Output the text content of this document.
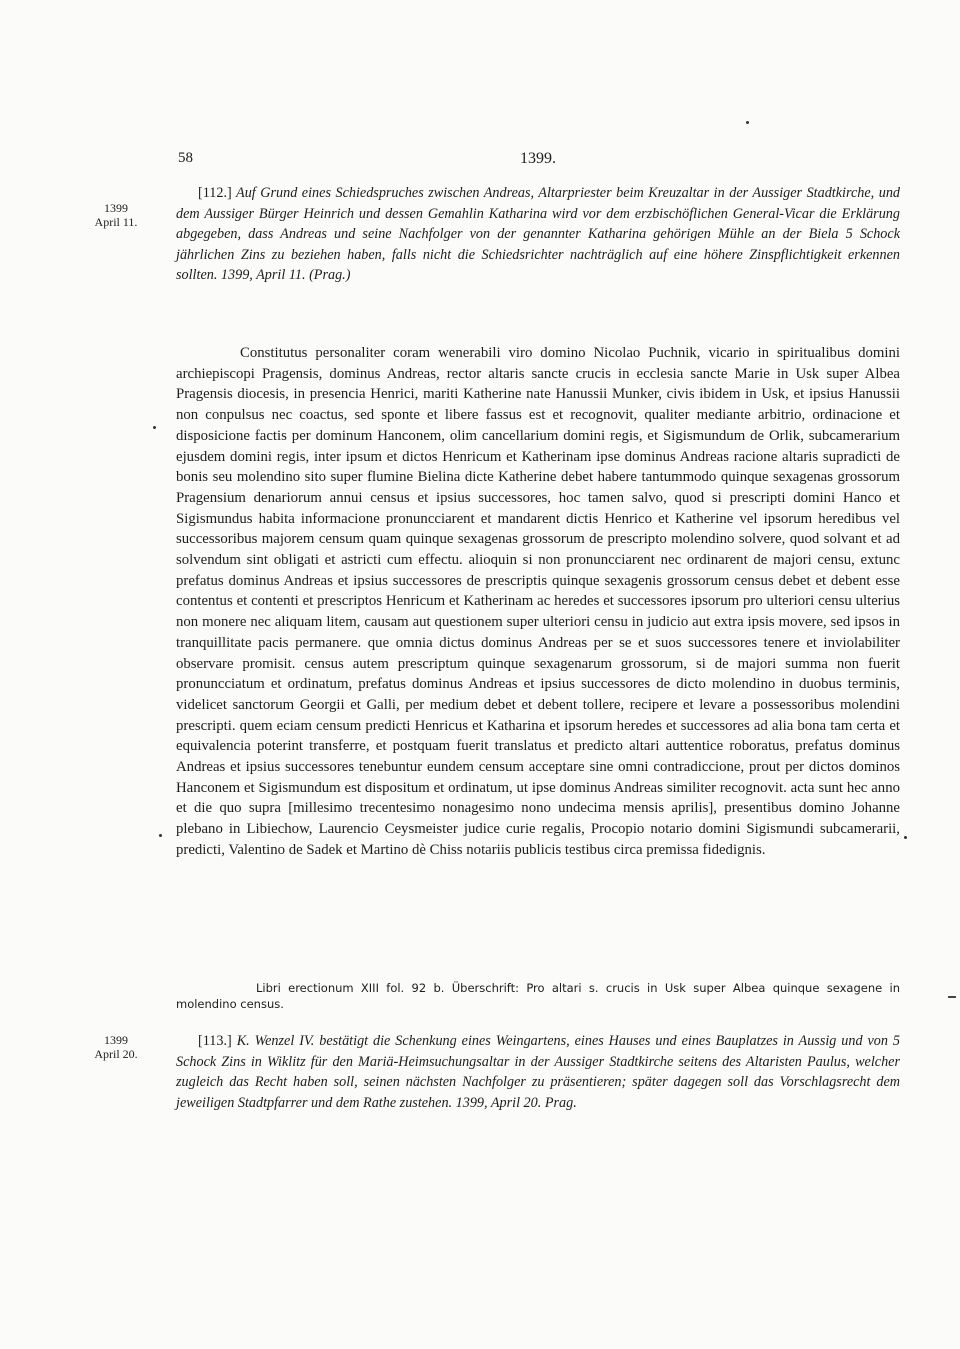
58	1399.
1399
April 11.
[112.] Auf Grund eines Schiedspruches zwischen Andreas, Altarpriester beim Kreuzaltar in der Aussiger Stadtkirche, und dem Aussiger Bürger Heinrich und dessen Gemahlin Katharina wird vor dem erzbischöflichen General-Vicar die Erklärung abgegeben, dass Andreas und seine Nachfolger von der genannter Katharina gehörigen Mühle an der Biela 5 Schock jährlichen Zins zu beziehen haben, falls nicht die Schiedsrichter nachträglich auf eine höhere Zinspflichtigkeit erkennen sollten. 1399, April 11. (Prag.)
Constitutus personaliter coram wenerabili viro domino Nicolao Puchnik, vicario in spiritualibus domini archiepiscopi Pragensis, dominus Andreas, rector altaris sancte crucis in ecclesia sancte Marie in Usk super Albea Pragensis diocesis, in presencia Henrici, mariti Katherine nate Hanussii Munker, civis ibidem in Usk, et ipsius Hanussii non conpulsus nec coactus, sed sponte et libere fassus est et recognovit, qualiter mediante arbitrio, ordinacione et disposicione factis per dominum Hanconem, olim cancellarium domini regis, et Sigismundum de Orlik, subcamerarium ejusdem domini regis, inter ipsum et dictos Henricum et Katherinam ipse dominus Andreas racione altaris supradicti de bonis seu molendino sito super flumine Bielina dicte Katherine debet habere tantummodo quinque sexagenas grossorum Pragensium denariorum annui census et ipsius successores, hoc tamen salvo, quod si prescripti domini Hanco et Sigismundus habita informacione pronuncciarent et mandarent dictis Henrico et Katherine vel ipsorum heredibus vel successoribus majorem censum quam quinque sexagenas grossorum de prescripto molendino solvere, quod solvant et ad solvendum sint obligati et astricti cum effectu. alioquin si non pronuncciarent nec ordinarent de majori censu, extunc prefatus dominus Andreas et ipsius successores de prescriptis quinque sexagenis grossorum census debet et debent esse contentus et contenti et prescriptos Henricum et Katherinam ac heredes et successores ipsorum pro ulteriori censu ulterius non monere nec aliquam litem, causam aut questionem super ulteriori censu in judicio aut extra ipsis movere, sed ipsos in tranquillitate pacis permanere. que omnia dictus dominus Andreas per se et suos successores tenere et inviolabiliter observare promisit. census autem prescriptum quinque sexagenarum grossorum, si de majori summa non fuerit pronuncciatum et ordinatum, prefatus dominus Andreas et ipsius successores de dicto molendino in duobus terminis, videlicet sanctorum Georgii et Galli, per medium debet et debent tollere, recipere et levare a possessoribus molendini prescripti. quem eciam censum predicti Henricus et Katharina et ipsorum heredes et successores ad alia bona tam certa et equivalencia poterint transferre, et postquam fuerit translatus et predicto altari auttentice roboratus, prefatus dominus Andreas et ipsius successores tenebuntur eundem censum acceptare sine omni contradiccione, prout per dictos dominos Hanconem et Sigismundum est dispositum et ordinatum, ut ipse dominus Andreas similiter recognovit. acta sunt hec anno et die quo supra [millesimo trecentesimo nonagesimo nono undecima mensis aprilis], presentibus domino Johanne plebano in Libiechow, Laurencio Ceysmeister judice curie regalis, Procopio notario domini Sigismundi subcamerarii, predicti, Valentino de Sadek et Martino dè Chiss notariis publicis testibus circa premissa fidedignis.
Libri erectionum XIII fol. 92 b. Überschrift: Pro altari s. crucis in Usk super Albea quinque sexagene in molendino census.
1399
April 20.
[113.] K. Wenzel IV. bestätigt die Schenkung eines Weingartens, eines Hauses und eines Bauplatzes in Aussig und von 5 Schock Zins in Wiklitz für den Mariä-Heimsuchungsaltar in der Aussiger Stadtkirche seitens des Altaristen Paulus, welcher zugleich das Recht haben soll, seinen nächsten Nachfolger zu präsentieren; später dagegen soll das Vorschlagsrecht dem jeweiligen Stadtpfarrer und dem Rathe zustehen. 1399, April 20. Prag.
